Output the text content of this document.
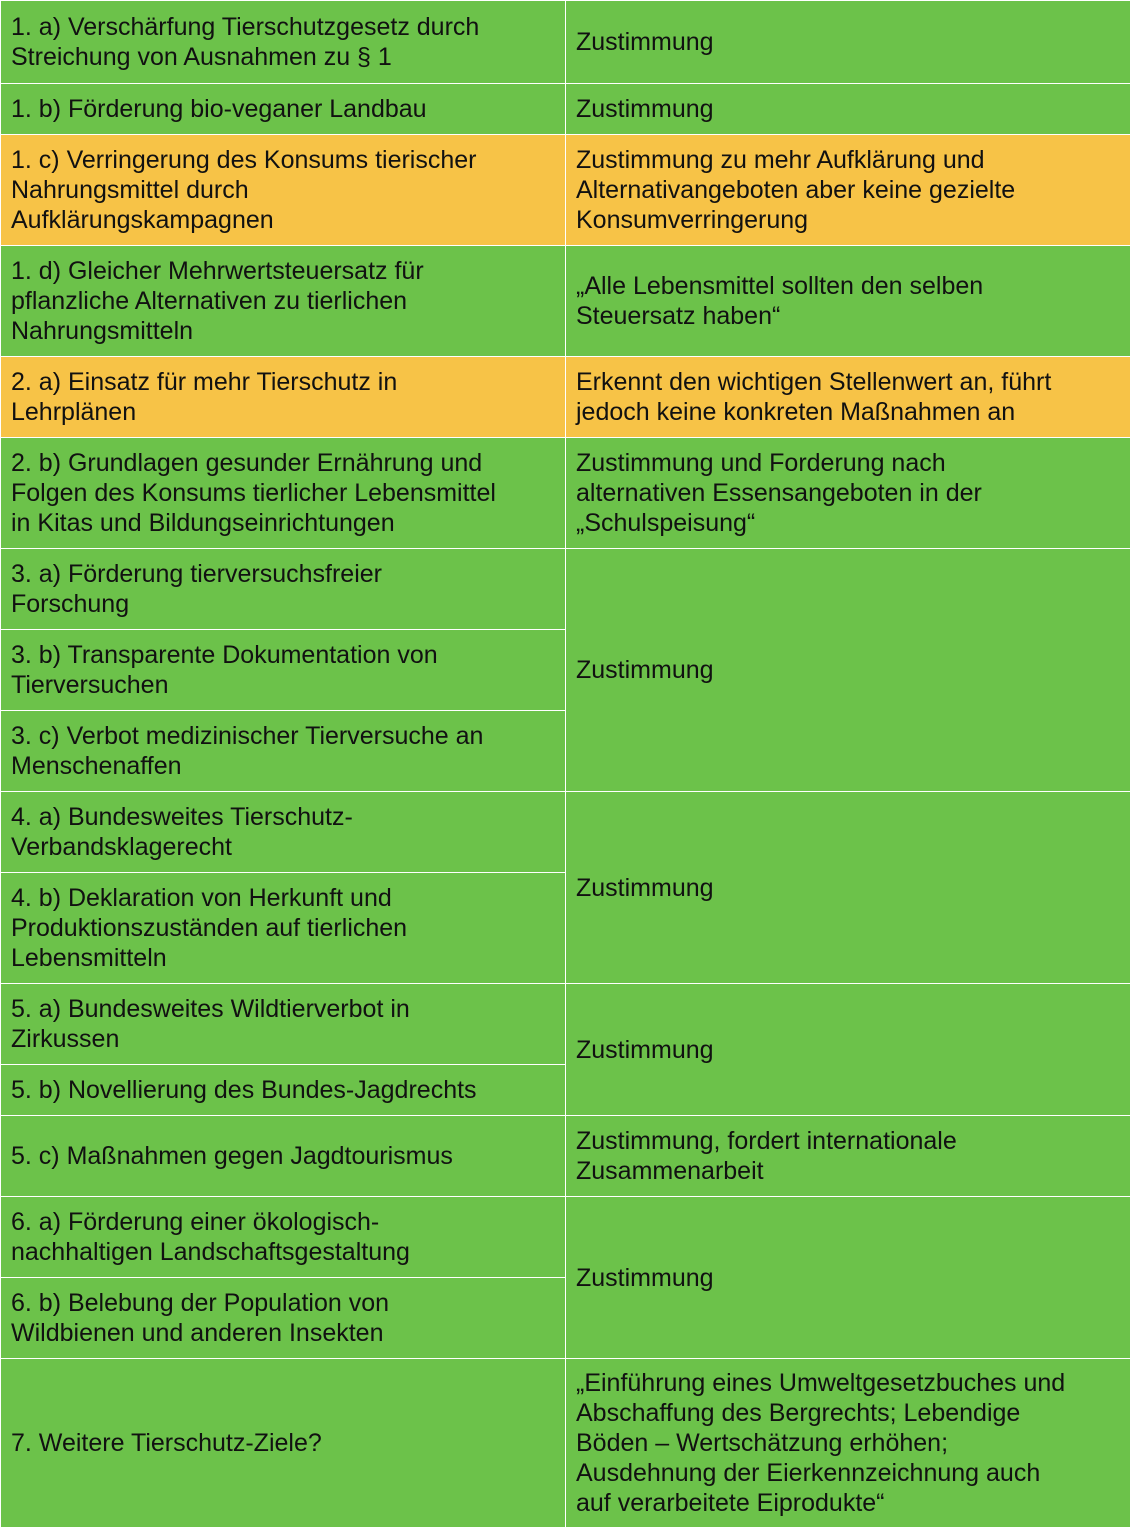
1. a) Verschärfung Tierschutzgesetz durch
Streichung von Ausnahmen zu § 1	Zustimmung
1. b) Förderung bio-veganer Landbau	Zustimmung
1. c) Verringerung des Konsums tierischer
Nahrungsmittel durch
Aufklärungskampagnen	Zustimmung zu mehr Aufklärung und
Alternativangeboten aber keine gezielte
Konsumverringerung
1. d) Gleicher Mehrwertsteuersatz für
pflanzliche Alternativen zu tierlichen
Nahrungsmitteln	„Alle Lebensmittel sollten den selben
Steuersatz haben“
2. a) Einsatz für mehr Tierschutz in
Lehrplänen	Erkennt den wichtigen Stellenwert an, führt
jedoch keine konkreten Maßnahmen an
2. b) Grundlagen gesunder Ernährung und
Folgen des Konsums tierlicher Lebensmittel
in Kitas und Bildungseinrichtungen	Zustimmung und Forderung nach
alternativen Essensangeboten in der
„Schulspeisung“
3. a) Förderung tierversuchsfreier
Forschung	Zustimmung
3. b) Transparente Dokumentation von
Tierversuchen	
3. c) Verbot medizinischer Tierversuche an
Menschenaffen	
4. a) Bundesweites Tierschutz-
Verbandsklagerecht	Zustimmung
4. b) Deklaration von Herkunft und
Produktionszuständen auf tierlichen
Lebensmitteln	
5. a) Bundesweites Wildtierverbot in
Zirkussen	Zustimmung
5. b) Novellierung des Bundes-Jagdrechts	
5. c) Maßnahmen gegen Jagdtourismus	Zustimmung, fordert internationale
Zusammenarbeit
6. a) Förderung einer ökologisch-
nachhaltigen Landschaftsgestaltung	Zustimmung
6. b) Belebung der Population von
Wildbienen und anderen Insekten	
7. Weitere Tierschutz-Ziele?	„Einführung eines Umweltgesetzbuches und
Abschaffung des Bergrechts; Lebendige
Böden – Wertschätzung erhöhen;
Ausdehnung der Eierkennzeichnung auch
auf verarbeitete Eiprodukte“
